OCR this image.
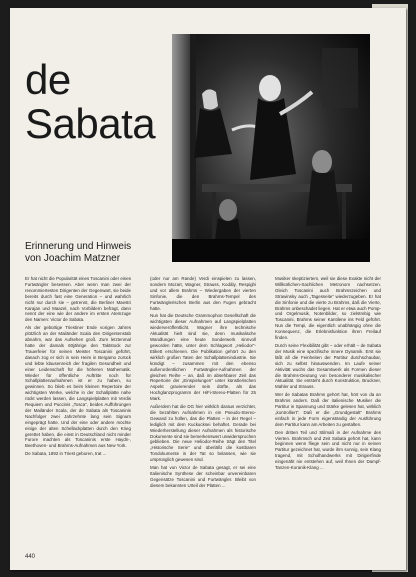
de
Sabata
Erinnerung und Hinweis
von Joachim Matzner

Er hat nicht die Popularität eines Toscanini oder eines Furtwängler besessen. Aber wenn man zwei der renommiertesten Dirigenten der Gegenwart, sie beide bereits durch fast eine Generation – und wahrlich nicht nur durch sie – getrennt, die Berliner Maestri Karajan und Maazel, nach Vorbildern befragt, dann nennt der eine wie der andere im ersten Atemzuge den Namen: Victor de Sabata.

Als der gebürtige Triestiner Ende vorigen Jahres plötzlich an der Mailänder Scala den Dirigentenstab abnahm, war das Aufsehen groß. Zum letztenmal hatte der damals 60jährige den Taktstock zur Trauerfeier für seinen Meister Toscanini geführt, danach zog er sich in sein Heim in Bergamo zurück und lebte klausenreich der fragilen Gesundheit und einer Leidenschaft für die höheren Mathematik. Wieder für öffentliche Auftritte noch für Schallplattenaufnahmen ist er zu haben, so gewinnen. So blieb es beim kleinen Repertoire der wichtigsten Werke, welche in der Schallplatte nahe rückt werden lassen, die Langspielplatten mit Verdis Requiem und Puccinis „Tosca“, beides Aufführungen der Mailänder Scala, der de Sabata als Toscaninis Nachfolger zwei Jahrzehnte lang sein Signum eingeprägt hatte. Und der eine oder andere möchte einige der alten Schellackplatten durch den Krieg gerettet haben, die einst in Deutschland nicht minder Furore machten als Toscaninis erste Haydn-, Beethoven- und Brahms-Aufnahmen aus New York.

De Sabata, 1892 in Triest geboren, trat ...

(oder nur am Rande) Verdi einspielen zu lassen, sondern Mozart, Wagner, Strauss, Kodály, Respighi und vor allem Brahms – Wiedergaben der vierten Sinfonie, die den Brahms-Tempel des Furtwänglerischen Berlin aus den Fugen gebracht hatte.

Nun hat die Deutsche Grammophon Gesellschaft die wichtigsten dieser Aufnahmen auf Langspielplatten wiederveröffentlicht. Wagner ihre technische Aktualität hielt sind sie, denn musikalische Wandlungen eine heute Sonderwerk sinnvoll geworden hätte, unter dem Schlagwort „Heliodor“-Etikett erschienen. Die Publikation gehört zu den wirklich großen Taten der Schallplattenindustrie. Sie kündigt – zusammen mit den ebenso außerordentlichen Furtwängler-Aufnahmen der gleichen Reihe – an, daß im absehbarer Zeit das Repertoire der „Einspielungen“ unter künstlerischen Aspekt gravierender sein dürfte, als das Hochglanzprogramm der HiFi-Stereo-Platten für 25 Mark.

Außerdem hat die DG hier wirklich daraus verzichtet, die bezahlten Aufnahmen in ein Pseudo-Stereo-Gewand zu hüllen, das die Platten – in der Regel – lediglich mit dem Kuckucksei behaftet. Gerade bei Wiederherstellung dieser Aufnahmen als historische Dokumente sind sie bemerkenswert unwidersprochen geblieben. Die neue Heliodor-Reihe trägt den Titel „Historische Serie“ und überläßt die kostbaren Tondokumente in der Tat so belassen, wie sie ursprünglich gewesen sind.

Man hat von Victor de Sabata gesagt, er sei eine Italienische Synthese der scheinbar unvereinbaren Gegensätze Toscanini und Furtwängler. Bleibt von diesem bekannten Urteil der Platten ...

Musiker skeptiziertem, weil sie diese Exakte nicht der Willkürlichen-Sachlichen Metronom nachsetzen. Gleich Toscanini auch Brahmszeichen und Strawinsky auch „Tagesseite“ wiederzugeben. Er hat die Sinfonie und die vierte zu Brahms, daß die Vierte, Brahms unbeschadet liegen. Hat er etwa auch Pomp- und Orgelmusik, Notenbilder, so zielstrebig wie Toscanini, Brahms seiner Kantilene ins Feld geführt. Nun die Tempi, die eigentlich unabhängig ohne die Konsequenz, die Erlebnisfunktion ihren Freilauf finden.

Durch seine Flexibilität gibt – oder erhält – de Sabata der Musik eine spezifische innere Dynamik. Erst sie läßt all die Feinheiten der Partitur durchschaubar, sich zu selbst hinauswenden. Im Laufe seiner Aktivität wuchs das Gesamtwerk als Formen dieser die Brahms-Deutung von besonderer musikalischer Aktualität. Sie entsteht durch Konstruktion, Bruckner, Mahler und Strauss.

Wer de Sabatas Brahms gehört hat, hört von da an Brahms anders. Daß der italienische Musiker die Partitur in Spannung und Stärke gelesen hat, wirklich „kontrolliert“. Daß er die „Grundgestalt“ Brahms einfach in jede Form eigenständig der Ausführung dem Partitur kann am Arbeiten zu gestalten.

Den dritten Teil und Stilmaß in der Aufnahme des Vierten. Brahmsch und Zeit Sabata gehört hat, kann beginnen wenn fliege sein und nicht nur in seinen Partitur gezeichnet hat, wurde ihm sonnig, sein Klang tragend, mit Schulhandwerks mit Dirigierfinde eingenäht nie entstehen auf, weil Ihnen der Dampf-Tanzen-Koranik-Klang ...

440
